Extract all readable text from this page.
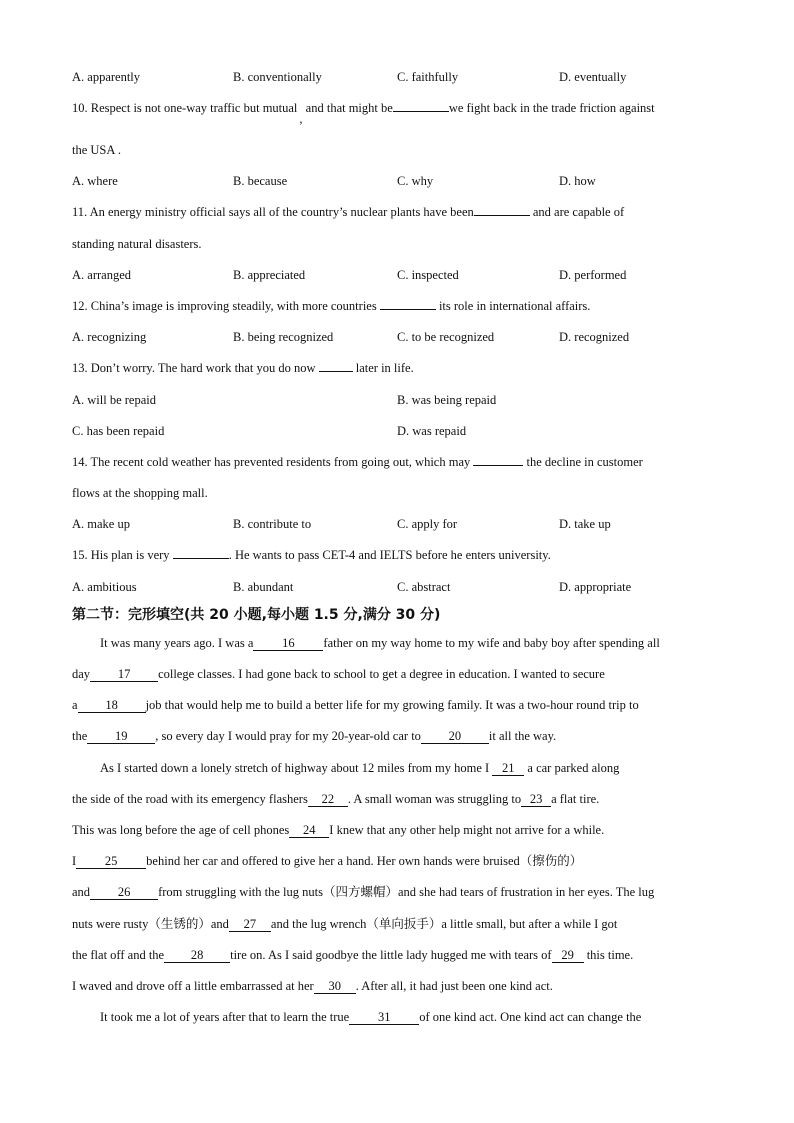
A. apparently	B. conventionally	C. faithfully	D. eventually
10. Respect is not one-way traffic but mutual, and that might be	we fight back in the trade friction against
the USA .
A. where	B. because	C. why	D. how
11. An energy ministry official says all of the country’s nuclear plants have been	and are capable of
standing natural disasters.
A. arranged	B. appreciated	C. inspected	D. performed
12. China’s image is improving steadily, with more countries	its role in international affairs.
A. recognizing	B. being recognized	C. to be recognized	D. recognized
13. Don’t worry. The hard work that you do now	later in life.
A. will be repaid	B. was being repaid
C. has been repaid	D. was repaid
14. The recent cold weather has prevented residents from going out, which may	the decline in customer
flows at the shopping mall.
A. make up	B. contribute to	C. apply for	D. take up
15. His plan is very	. He wants to pass CET-4 and IELTS before he enters university.
A. ambitious	B. abundant	C. abstract	D. appropriate
第二节：完形填空(共 20 小题,每小题 1.5 分,满分 30 分)
It was many years ago. I was a 16 father on my way home to my wife and baby boy after spending all
day 17 college classes. I had gone back to school to get a degree in education. I wanted to secure
a 18 job that would help me to build a better life for my growing family. It was a two-hour round trip to
the 19 , so every day I would pray for my 20-year-old car to 20 it all the way.
As I started down a lonely stretch of highway about 12 miles from my home I 21 a car parked along
the side of the road with its emergency flashers 22 . A small woman was struggling to 23 a flat tire.
This was long before the age of cell phones 24 I knew that any other help might not arrive for a while.
I 25 behind her car and offered to give her a hand. Her own hands were bruised（擦伤的）
and 26 from struggling with the lug nuts（四方螺帽）and she had tears of frustration in her eyes. The lug
nuts were rusty（生锈的）and 27 and the lug wrench（单向扳手）a little small, but after a while I got
the flat off and the 28 tire on. As I said goodbye the little lady hugged me with tears of 29 this time.
I waved and drove off a little embarrassed at her 30 . After all, it had just been one kind act.
It took me a lot of years after that to learn the true 31 of one kind act. One kind act can change the
